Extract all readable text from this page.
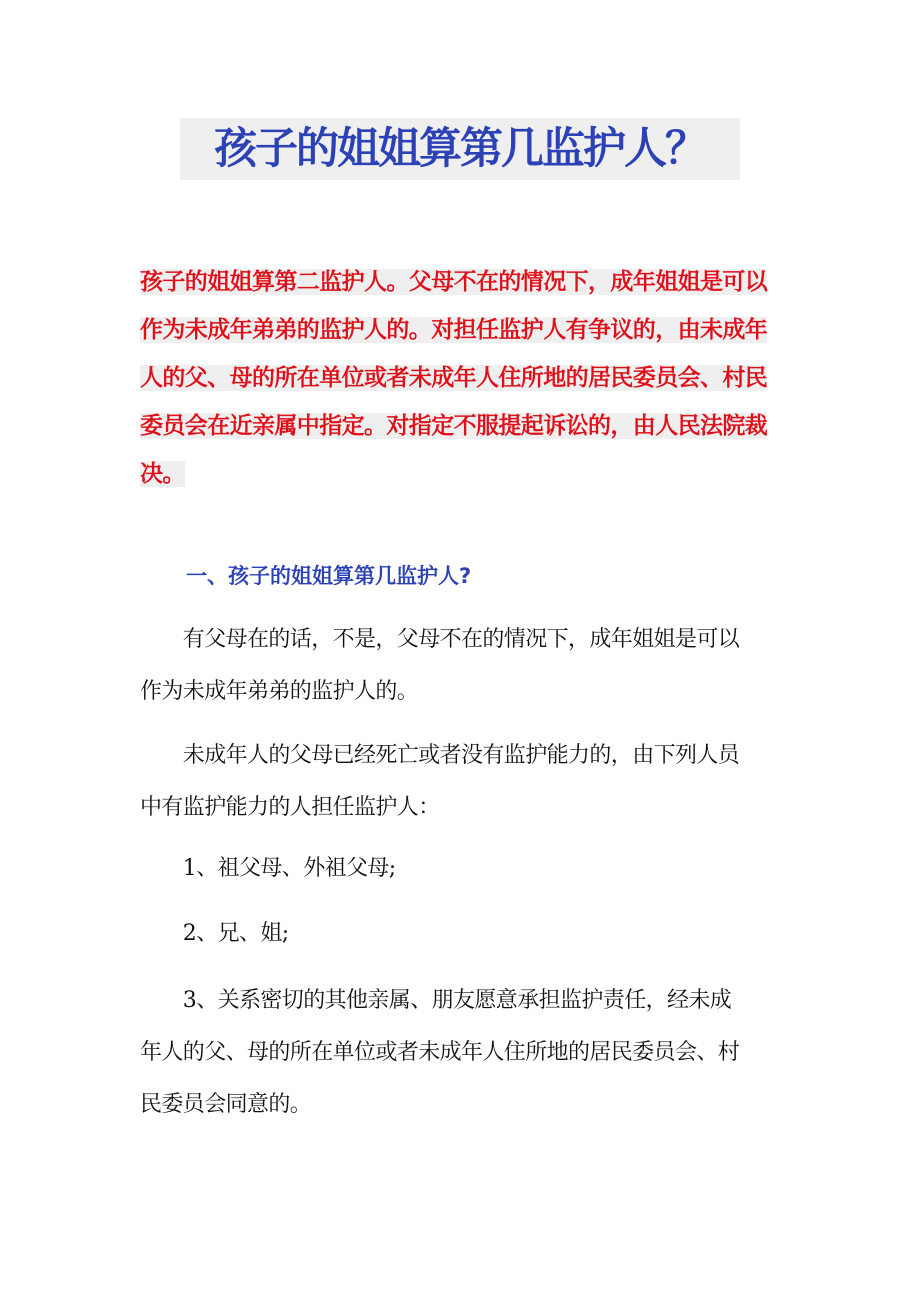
孩子的姐姐算第几监护人？
孩子的姐姐算第二监护人。父母不在的情况下，成年姐姐是可以
作为未成年弟弟的监护人的。对担任监护人有争议的，由未成年
人的父、母的所在单位或者未成年人住所地的居民委员会、村民
委员会在近亲属中指定。对指定不服提起诉讼的，由人民法院裁
决。
一、孩子的姐姐算第几监护人?
　　有父母在的话，不是，父母不在的情况下，成年姐姐是可以
作为未成年弟弟的监护人的。
　　未成年人的父母已经死亡或者没有监护能力的，由下列人员
中有监护能力的人担任监护人：
　　1、祖父母、外祖父母;
　　2、兄、姐;
　　3、关系密切的其他亲属、朋友愿意承担监护责任，经未成
年人的父、母的所在单位或者未成年人住所地的居民委员会、村
民委员会同意的。
